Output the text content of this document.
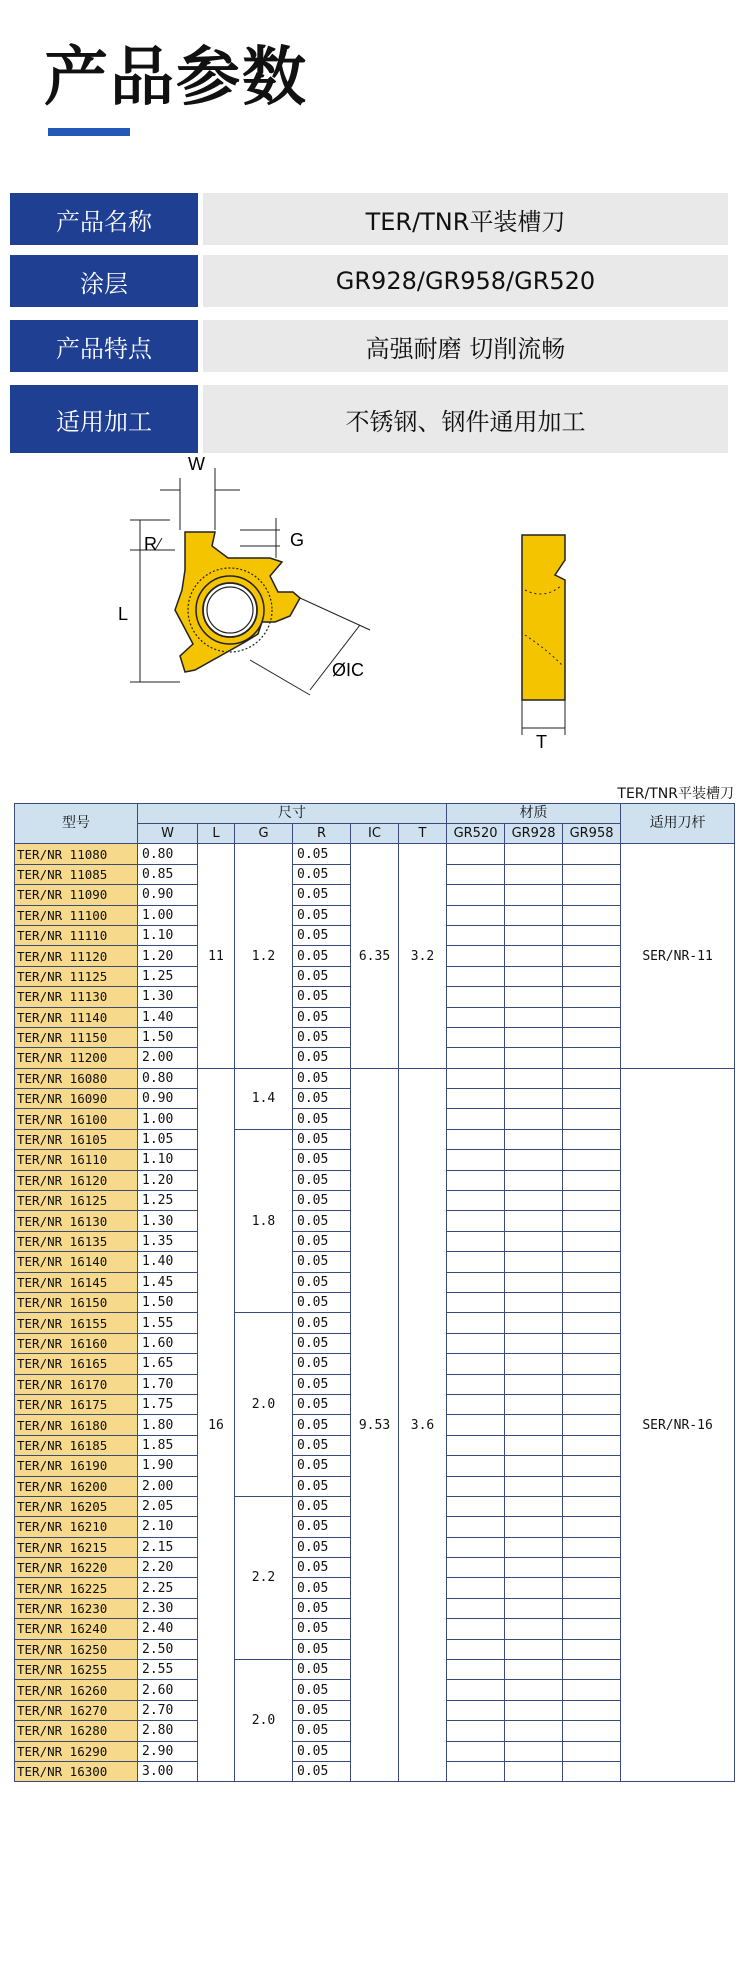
产品参数
产品名称	TER/TNR平装槽刀
涂层	GR928/GR958/GR520
产品特点	高强耐磨 切削流畅
适用加工	不锈钢、钢件通用加工
W
R	G
L
ØIC
T
TER/TNR平装槽刀
型号	尺寸						材质			适用刀杆
	W	L	G	R	IC	T	GR520	GR928	GR958	
TER/NR 11080	0.80	11	1.2	0.05	6.35	3.2				SER/NR-11
TER/NR 11085	0.85			0.05						
TER/NR 11090	0.90			0.05						
TER/NR 11100	1.00			0.05						
TER/NR 11110	1.10			0.05						
TER/NR 11120	1.20			0.05						
TER/NR 11125	1.25			0.05						
TER/NR 11130	1.30			0.05						
TER/NR 11140	1.40			0.05						
TER/NR 11150	1.50			0.05						
TER/NR 11200	2.00			0.05						
TER/NR 16080	0.80	16	1.4	0.05	9.53	3.6				SER/NR-16
TER/NR 16090	0.90			0.05						
TER/NR 16100	1.00			0.05						
TER/NR 16105	1.05		1.8	0.05						
TER/NR 16110	1.10			0.05						
TER/NR 16120	1.20			0.05						
TER/NR 16125	1.25			0.05						
TER/NR 16130	1.30			0.05						
TER/NR 16135	1.35			0.05						
TER/NR 16140	1.40			0.05						
TER/NR 16145	1.45			0.05						
TER/NR 16150	1.50			0.05						
TER/NR 16155	1.55		2.0	0.05						
TER/NR 16160	1.60			0.05						
TER/NR 16165	1.65			0.05						
TER/NR 16170	1.70			0.05						
TER/NR 16175	1.75			0.05						
TER/NR 16180	1.80			0.05						
TER/NR 16185	1.85			0.05						
TER/NR 16190	1.90			0.05						
TER/NR 16200	2.00			0.05						
TER/NR 16205	2.05		2.2	0.05						
TER/NR 16210	2.10			0.05						
TER/NR 16215	2.15			0.05						
TER/NR 16220	2.20			0.05						
TER/NR 16225	2.25			0.05						
TER/NR 16230	2.30			0.05						
TER/NR 16240	2.40			0.05						
TER/NR 16250	2.50			0.05						
TER/NR 16255	2.55		2.0	0.05						
TER/NR 16260	2.60			0.05						
TER/NR 16270	2.70			0.05						
TER/NR 16280	2.80			0.05						
TER/NR 16290	2.90			0.05						
TER/NR 16300	3.00			0.05						
